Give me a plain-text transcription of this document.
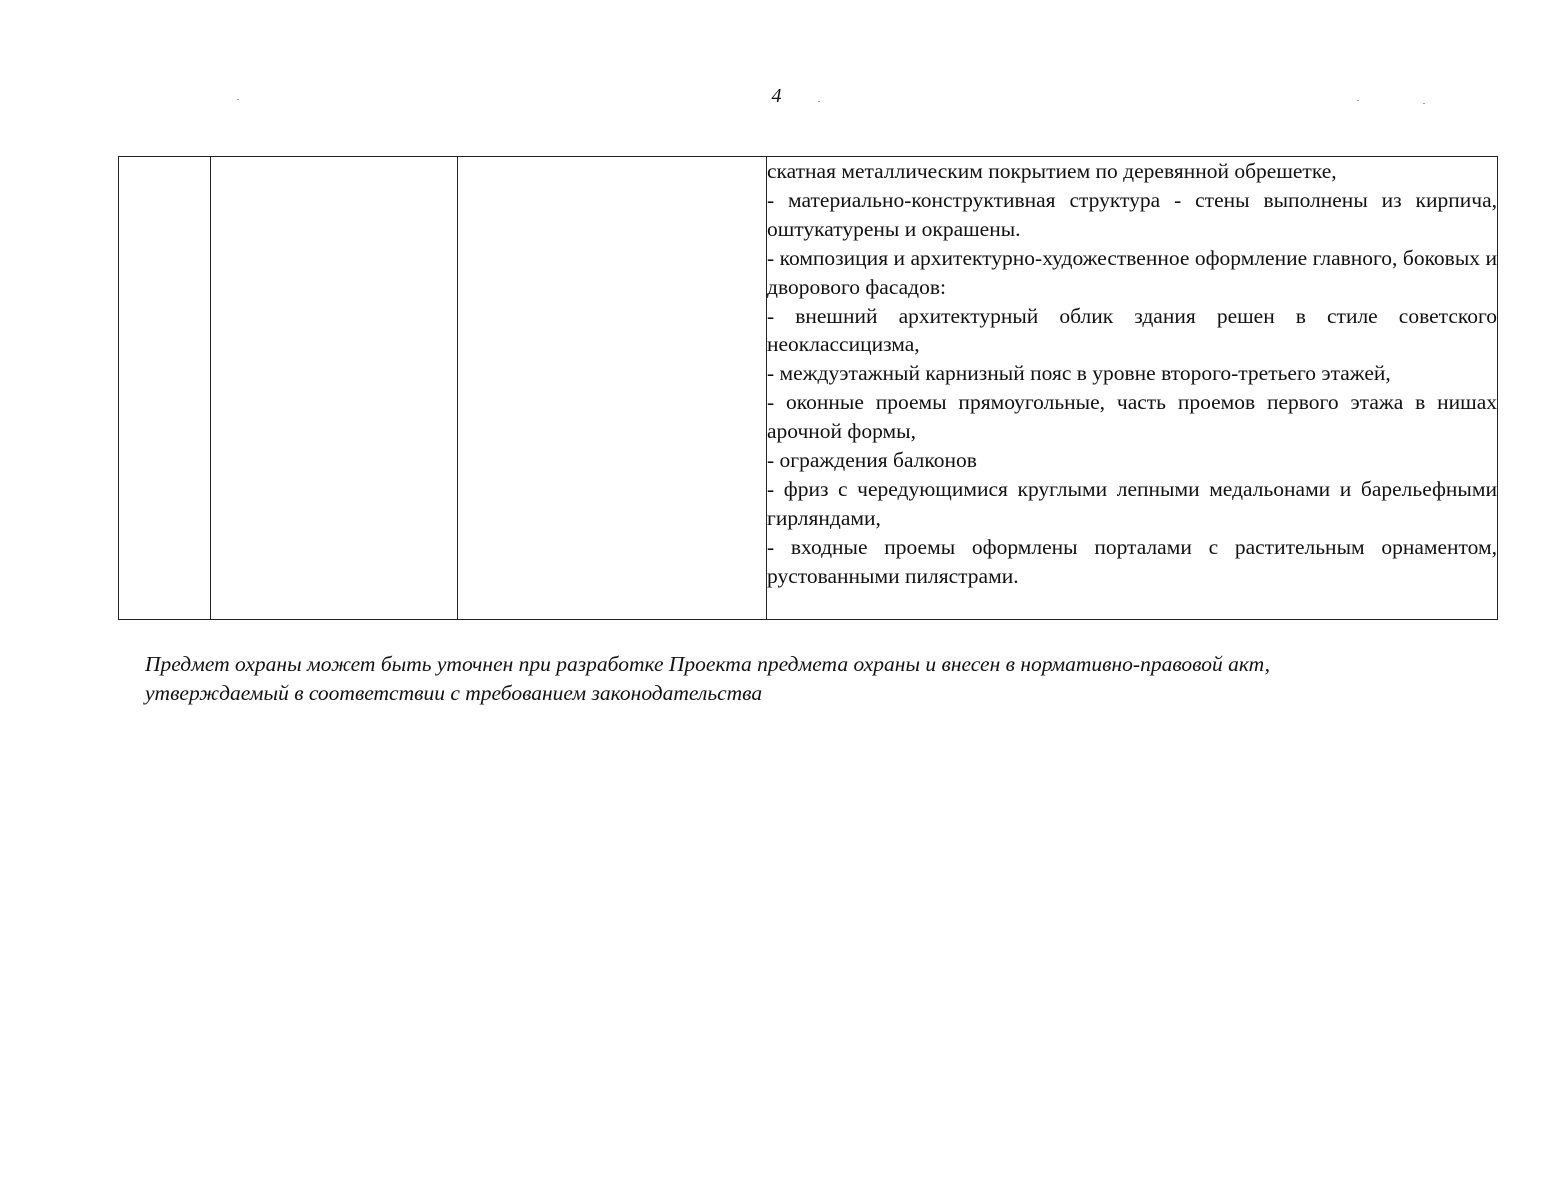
4

скатная металлическим покрытием по деревянной обрешетке,

- материально-конструктивная структура - стены выполнены из кирпича, оштукатурены и окрашены.

- композиция и архитектурно-художественное оформление главного, боковых и дворового фасадов:

- внешний архитектурный облик здания решен в стиле советского неоклассицизма,

- междуэтажный карнизный пояс в уровне второго-третьего этажей,

- оконные проемы прямоугольные, часть проемов первого этажа в нишах арочной формы,

- ограждения балконов

- фриз с чередующимися круглыми лепными медальонами и барельефными гирляндами,

- входные проемы оформлены порталами с растительным орнаментом, рустованными пилястрами.

Предмет охраны может быть уточнен при разработке Проекта предмета охраны и внесен в нормативно-правовой акт, утверждаемый в соответствии с требованием законодательства
